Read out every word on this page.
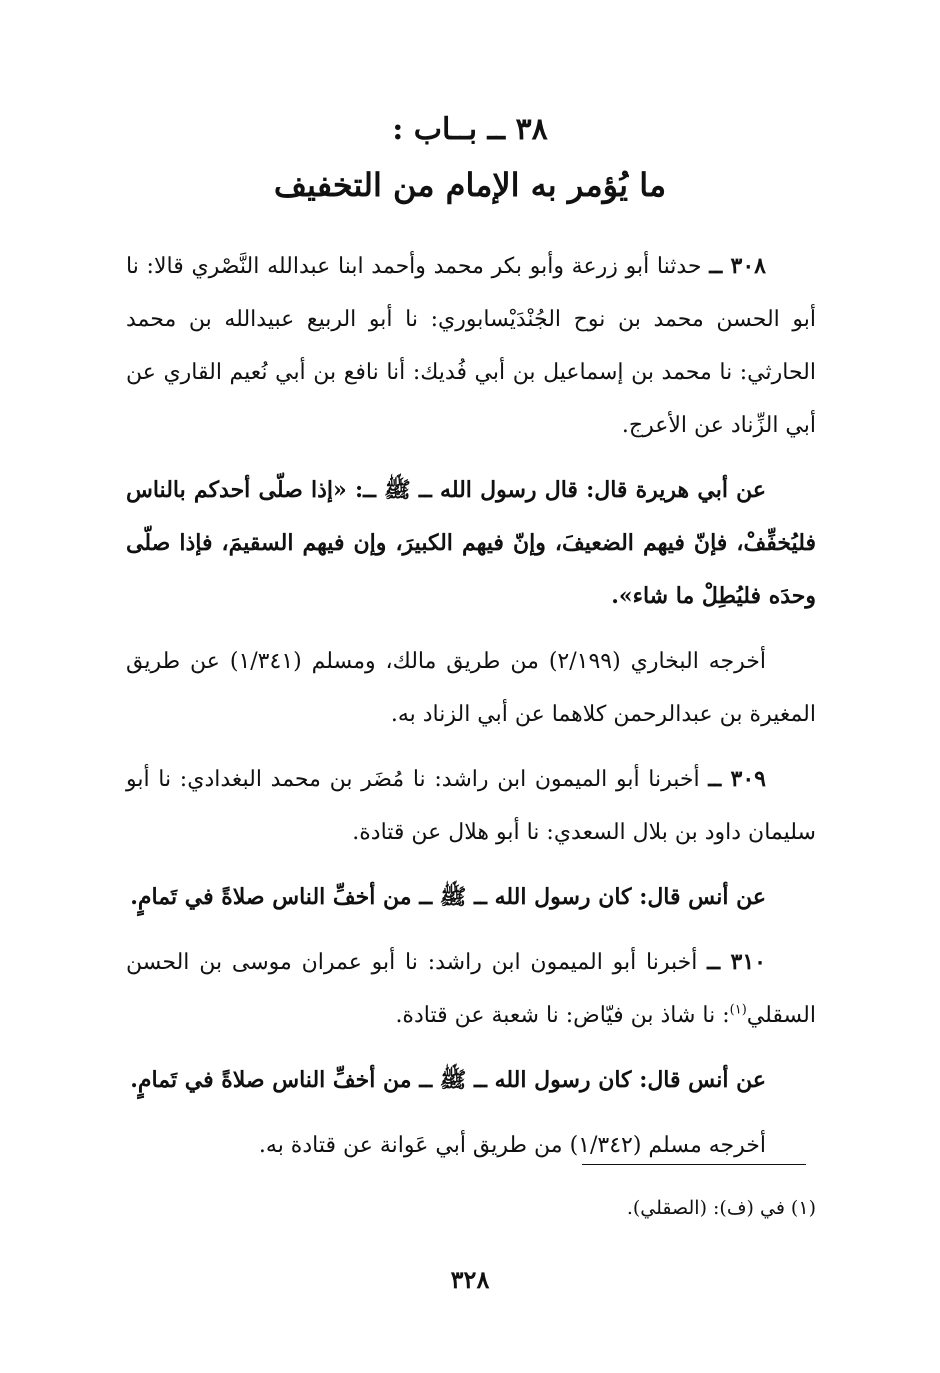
٣٨ ــ بــاب :
ما يُؤمر به الإمام من التخفيف

٣٠٨ ــ حدثنا أبو زرعة وأبو بكر محمد وأحمد ابنا عبدالله النَّصْري قالا: نا أبو الحسن محمد بن نوح الجُنْدَيْسابوري: نا أبو الربيع عبيدالله بن محمد الحارثي: نا محمد بن إسماعيل بن أبي فُديك: أنا نافع بن أبي نُعيم القاري عن أبي الزِّناد عن الأعرج.

عن أبي هريرة قال: قال رسول الله ــ ﷺ ــ: «إذا صلّى أحدكم بالناس فليُخفِّفْ، فإنّ فيهم الضعيفَ، وإنّ فيهم الكبيرَ، وإن فيهم السقيمَ، فإذا صلّى وحدَه فليُطِلْ ما شاء».

أخرجه البخاري (٢/١٩٩) من طريق مالك، ومسلم (١/٣٤١) عن طريق المغيرة بن عبدالرحمن كلاهما عن أبي الزناد به.

٣٠٩ ــ أخبرنا أبو الميمون ابن راشد: نا مُضَر بن محمد البغدادي: نا أبو سليمان داود بن بلال السعدي: نا أبو هلال عن قتادة.

عن أنس قال: كان رسول الله ــ ﷺ ــ من أخفِّ الناس صلاةً في تَمامٍ.

٣١٠ ــ أخبرنا أبو الميمون ابن راشد: نا أبو عمران موسى بن الحسن السقلي$^{(١)}$: نا شاذ بن فيّاض: نا شعبة عن قتادة.

عن أنس قال: كان رسول الله ــ ﷺ ــ من أخفِّ الناس صلاةً في تَمامٍ.

أخرجه مسلم (١/٣٤٢) من طريق أبي عَوانة عن قتادة به.

(١) في (ف): (الصقلي).
٣٢٨
